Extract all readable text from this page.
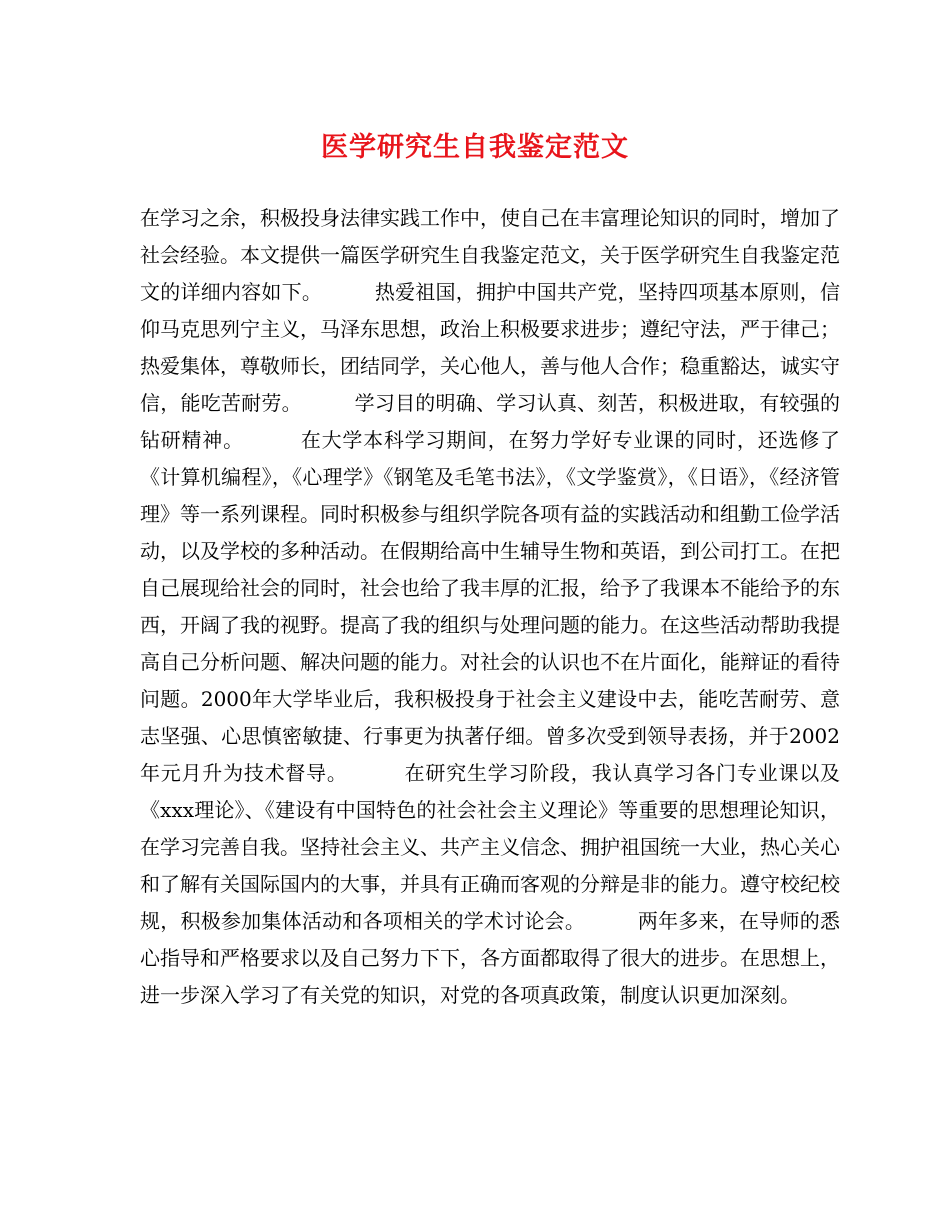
医学研究生自我鉴定范文
在学习之余，积极投身法律实践工作中，使自己在丰富理论知识的同时，增加了社会经验。本文提供一篇医学研究生自我鉴定范文，关于医学研究生自我鉴定范文的详细内容如下。        热爱祖国，拥护中国共产党，坚持四项基本原则，信仰马克思列宁主义，马泽东思想，政治上积极要求进步；遵纪守法，严于律己；热爱集体，尊敬师长，团结同学，关心他人，善与他人合作；稳重豁达，诚实守信，能吃苦耐劳。        学习目的明确、学习认真、刻苦，积极进取，有较强的钻研精神。        在大学本科学习期间，在努力学好专业课的同时，还选修了《计算机编程》，《心理学》《钢笔及毛笔书法》，《文学鉴赏》，《日语》，《经济管理》等一系列课程。同时积极参与组织学院各项有益的实践活动和组勤工俭学活动，以及学校的多种活动。在假期给高中生辅导生物和英语，到公司打工。在把自己展现给社会的同时，社会也给了我丰厚的汇报，给予了我课本不能给予的东西，开阔了我的视野。提高了我的组织与处理问题的能力。在这些活动帮助我提高自己分析问题、解决问题的能力。对社会的认识也不在片面化，能辩证的看待问题。2000年大学毕业后，我积极投身于社会主义建设中去，能吃苦耐劳、意志坚强、心思慎密敏捷、行事更为执著仔细。曾多次受到领导表扬，并于2002年元月升为技术督导。        在研究生学习阶段，我认真学习各门专业课以及《xxx理论》、《建设有中国特色的社会社会主义理论》等重要的思想理论知识，在学习完善自我。坚持社会主义、共产主义信念、拥护祖国统一大业，热心关心和了解有关国际国内的大事，并具有正确而客观的分辩是非的能力。遵守校纪校规，积极参加集体活动和各项相关的学术讨论会。        两年多来，在导师的悉心指导和严格要求以及自己努力下下，各方面都取得了很大的进步。在思想上，进一步深入学习了有关党的知识，对党的各项真政策，制度认识更加深刻。
